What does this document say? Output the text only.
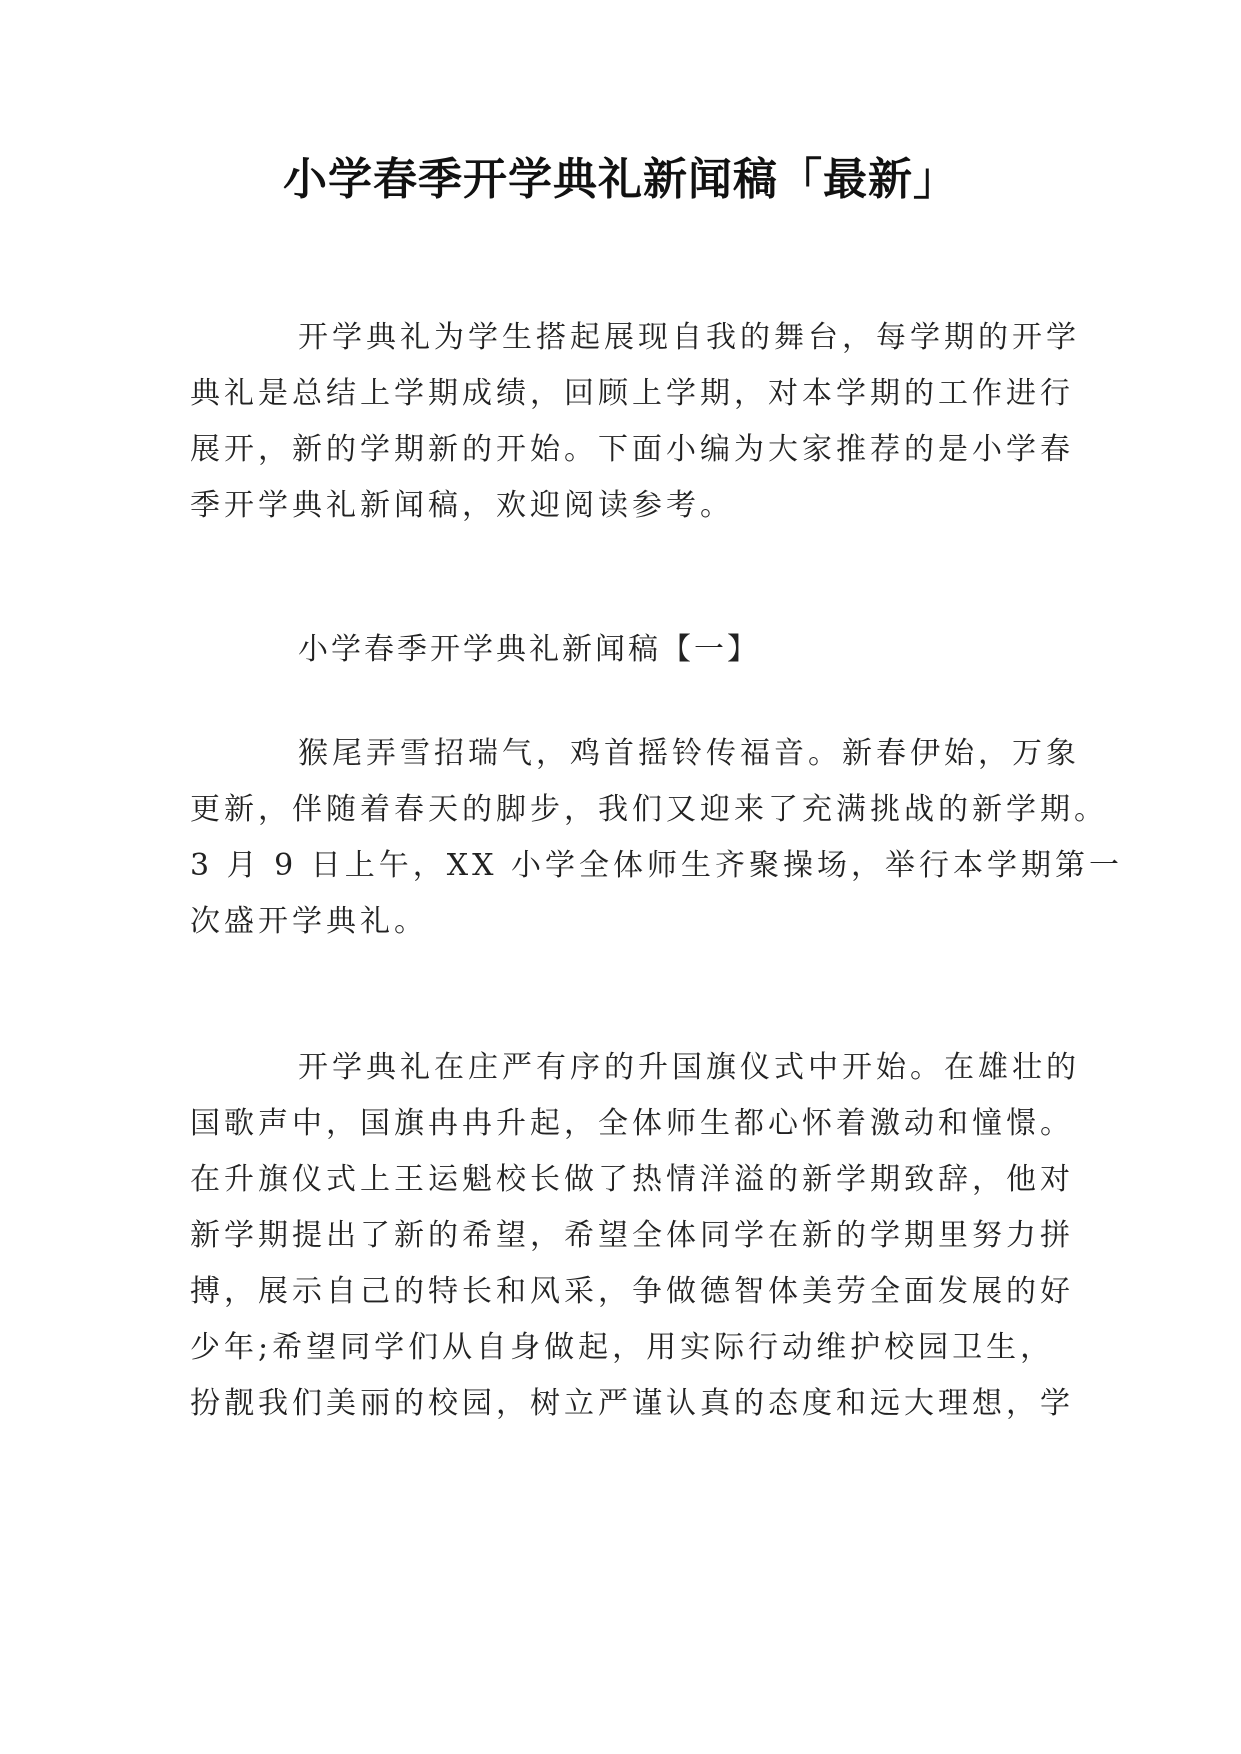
小学春季开学典礼新闻稿「最新」

开学典礼为学生搭起展现自我的舞台，每学期的开学

典礼是总结上学期成绩，回顾上学期，对本学期的工作进行

展开，新的学期新的开始。下面小编为大家推荐的是小学春

季开学典礼新闻稿，欢迎阅读参考。

小学春季开学典礼新闻稿【一】

猴尾弄雪招瑞气，鸡首摇铃传福音。新春伊始，万象

更新，伴随着春天的脚步，我们又迎来了充满挑战的新学期。

3 月 9 日上午，XX 小学全体师生齐聚操场，举行本学期第一

次盛开学典礼。

开学典礼在庄严有序的升国旗仪式中开始。在雄壮的

国歌声中，国旗冉冉升起，全体师生都心怀着激动和憧憬。

在升旗仪式上王运魁校长做了热情洋溢的新学期致辞，他对

新学期提出了新的希望，希望全体同学在新的学期里努力拼

搏，展示自己的特长和风采，争做德智体美劳全面发展的好

少年;希望同学们从自身做起，用实际行动维护校园卫生，

扮靓我们美丽的校园，树立严谨认真的态度和远大理想，学
